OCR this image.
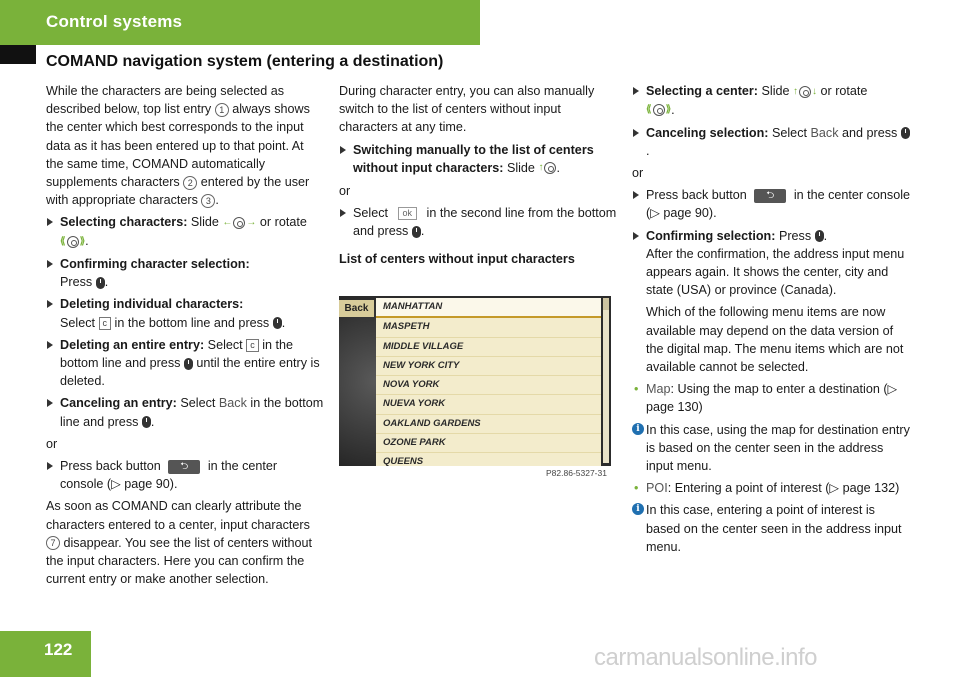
Control systems
COMAND navigation system (entering a destination)

While the characters are being selected as described below, top list entry 1 always shows the center which best corresponds to the input data as it has been entered up to that point. At the same time, COMAND automatically supplements characters 2 entered by the user with appropriate characters 3 .

Selecting characters: Slide ← → or rotate
⟪ ⟫ .
Confirming character selection:
Press .
Deleting individual characters:
Select c in the bottom line and press .
Deleting an entire entry: Select c in the bottom line and press until the entire entry is deleted.
Canceling an entry: Select Back in the bottom line and press .

or

Press back button ⮌ in the center console (▷ page 90).

As soon as COMAND can clearly attribute the characters entered to a center, input characters 7 disappear. You see the list of centers without the input characters. Here you can confirm the current entry or make another selection.

During character entry, you can also manually switch to the list of centers without input characters at any time.

Switching manually to the list of centers without input characters: Slide ↑ .

or

Select ok in the second line from the bottom and press .

List of centers without input characters

Back	MANHATTAN
MASPETH
MIDDLE VILLAGE
NEW YORK CITY
NOVA YORK
NUEVA YORK
OAKLAND GARDENS
OZONE PARK
QUEENS
P82.86-5327-31
Selecting a center: Slide ↑ ↓ or rotate

⟪ ⟫ .
Canceling selection: Select Back and press .

or

Press back button ⮌ in the center console (▷ page 90).
Confirming selection: Press .
After the confirmation, the address input menu appears again. It shows the center, city and state (USA) or province (Canada).
Which of the following menu items are now available may depend on the data version of the digital map. The menu items which are not available cannot be selected.
• Map: Using the map to enter a destination (▷ page 130)
i In this case, using the map for destination entry is based on the center seen in the address input menu.
• POI: Entering a point of interest (▷ page 132)
i In this case, entering a point of interest is based on the center seen in the address input menu.
122	carmanualsonline.info
